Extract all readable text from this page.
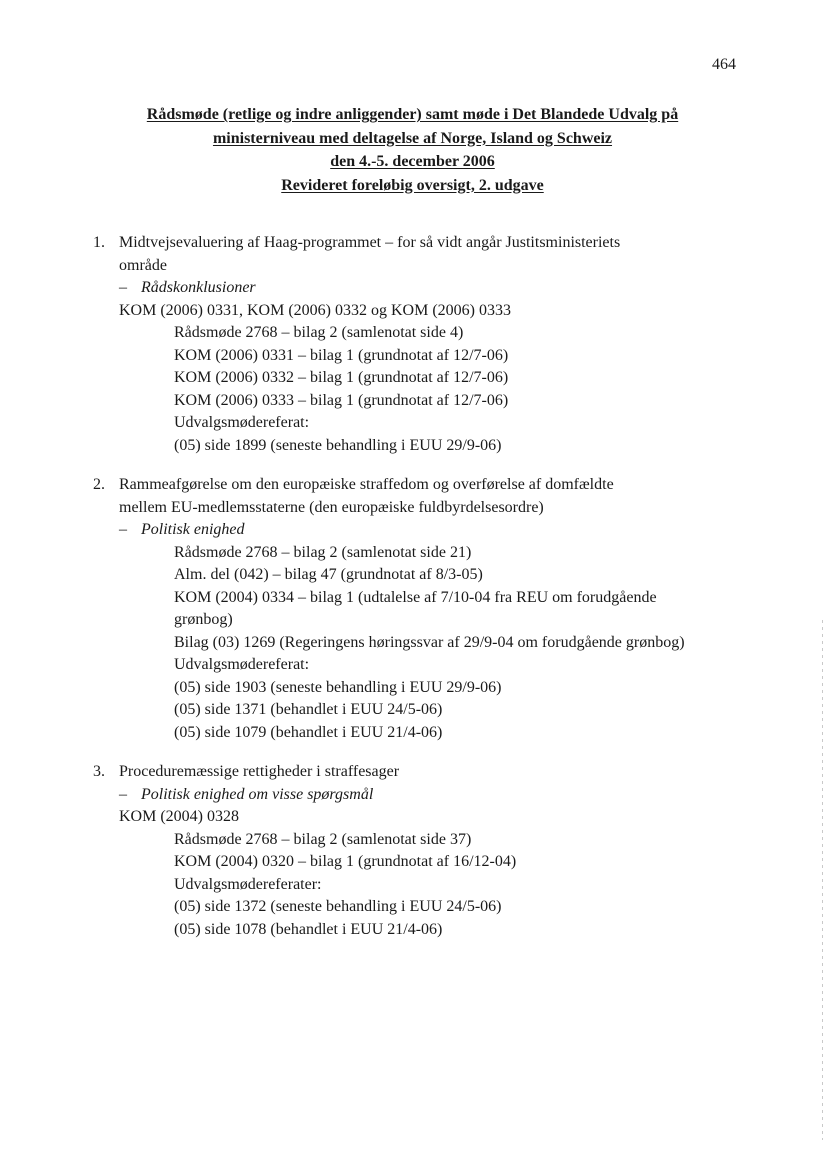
464
Rådsmøde (retlige og indre anliggender) samt møde i Det Blandede Udvalg på
ministerniveau med deltagelse af Norge, Island og Schweiz
den 4.-5. december 2006
Revideret foreløbig oversigt, 2. udgave
1. Midtvejsevaluering af Haag-programmet – for så vidt angår Justitsministeriets
område
– Rådskonklusioner
KOM (2006) 0331, KOM (2006) 0332 og KOM (2006) 0333
Rådsmøde 2768 – bilag 2 (samlenotat side 4)
KOM (2006) 0331 – bilag 1 (grundnotat af 12/7-06)
KOM (2006) 0332 – bilag 1 (grundnotat af 12/7-06)
KOM (2006) 0333 – bilag 1 (grundnotat af 12/7-06)
Udvalgsmødereferat:
(05) side 1899 (seneste behandling i EUU 29/9-06)
2. Rammeafgørelse om den europæiske straffedom og overførelse af domfældte
mellem EU-medlemsstaterne (den europæiske fuldbyrdelsesordre)
– Politisk enighed
Rådsmøde 2768 – bilag 2 (samlenotat side 21)
Alm. del (042) – bilag 47 (grundnotat af 8/3-05)
KOM (2004) 0334 – bilag 1 (udtalelse af 7/10-04 fra REU om forudgående
grønbog)
Bilag (03) 1269 (Regeringens høringssvar af 29/9-04 om forudgående grønbog)
Udvalgsmødereferat:
(05) side 1903 (seneste behandling i EUU 29/9-06)
(05) side 1371 (behandlet i EUU 24/5-06)
(05) side 1079 (behandlet i EUU 21/4-06)
3. Proceduremæssige rettigheder i straffesager
– Politisk enighed om visse spørgsmål
KOM (2004) 0328
Rådsmøde 2768 – bilag 2 (samlenotat side 37)
KOM (2004) 0320 – bilag 1 (grundnotat af 16/12-04)
Udvalgsmødereferater:
(05) side 1372 (seneste behandling i EUU 24/5-06)
(05) side 1078 (behandlet i EUU 21/4-06)
